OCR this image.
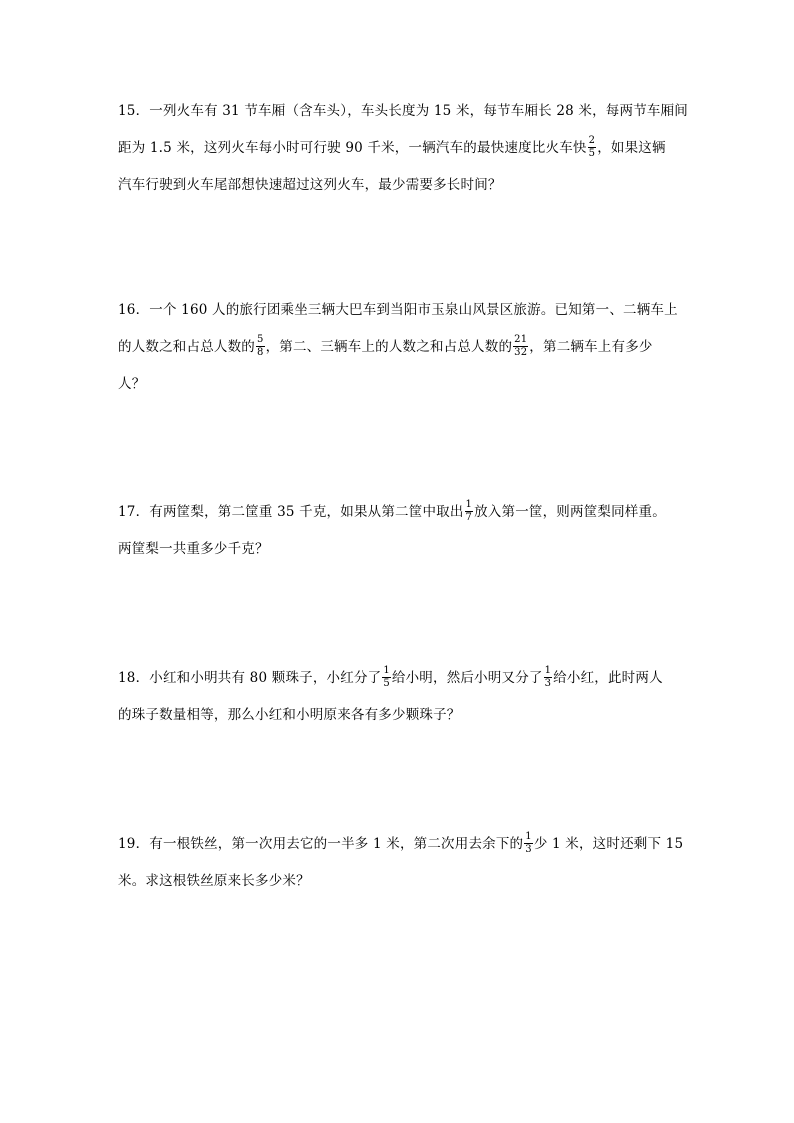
15．一列火车有 31 节车厢（含车头），车头长度为 15 米，每节车厢长 28 米，每两节车厢间

距为 1.5 米，这列火车每小时可行驶 90 千米，一辆汽车的最快速度比火车快 $\frac{2}{5}$ ，如果这辆

汽车行驶到火车尾部想快速超过这列火车，最少需要多长时间？

16．一个 160 人的旅行团乘坐三辆大巴车到当阳市玉泉山风景区旅游。已知第一、二辆车上

的人数之和占总人数的 $\frac{5}{8}$ ，第二、三辆车上的人数之和占总人数的 $\frac{21}{32}$ ，第二辆车上有多少

人？

17．有两筐梨，第二筐重 35 千克，如果从第二筐中取出 $\frac{1}{7}$ 放入第一筐，则两筐梨同样重。

两筐梨一共重多少千克？

18．小红和小明共有 80 颗珠子，小红分了 $\frac{1}{5}$ 给小明，然后小明又分了 $\frac{1}{3}$ 给小红，此时两人

的珠子数量相等，那么小红和小明原来各有多少颗珠子？

19．有一根铁丝，第一次用去它的一半多 1 米，第二次用去余下的 $\frac{1}{3}$ 少 1 米，这时还剩下 15

米。求这根铁丝原来长多少米？
